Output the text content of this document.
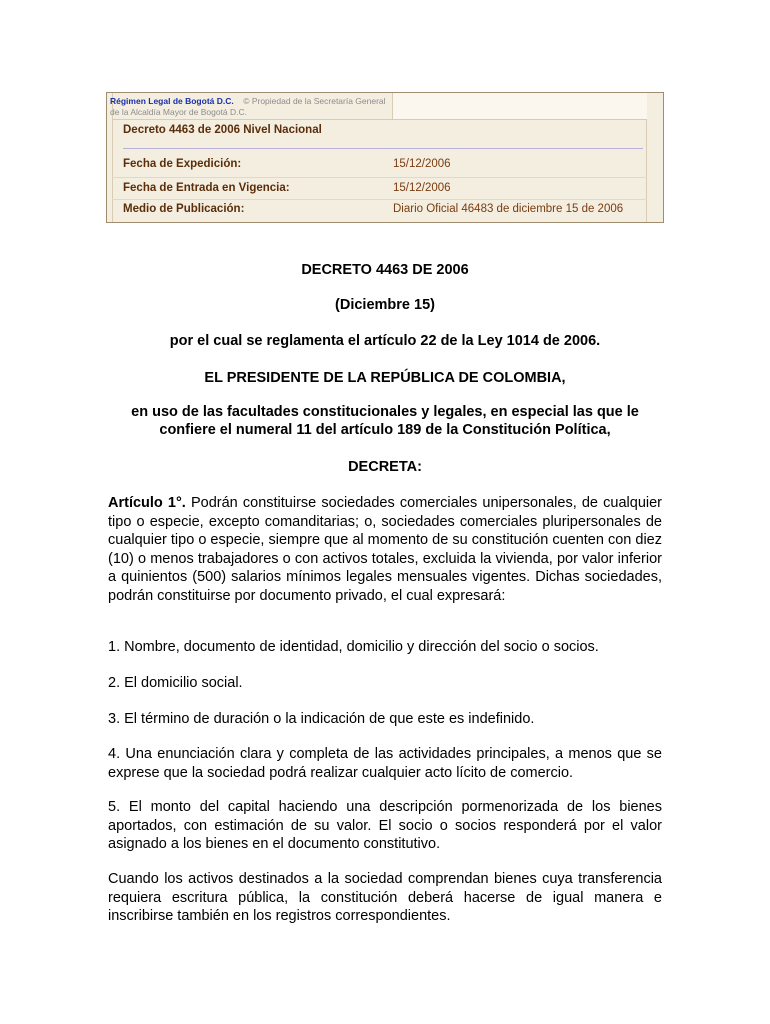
Régimen Legal de Bogotá D.C. © Propiedad de la Secretaría General de la Alcaldía Mayor de Bogotá D.C.
Decreto 4463 de 2006 Nivel Nacional
Fecha de Expedición:	15/12/2006
Fecha de Entrada en Vigencia:	15/12/2006
Medio de Publicación:	Diario Oficial 46483 de diciembre 15 de 2006
DECRETO 4463 DE 2006
(Diciembre 15)
por el cual se reglamenta el artículo 22 de la Ley 1014 de 2006.
EL PRESIDENTE DE LA REPÚBLICA DE COLOMBIA,
en uso de las facultades constitucionales y legales, en especial las que le
confiere el numeral 11 del artículo 189 de la Constitución Política,
DECRETA:
Artículo 1°. Podrán constituirse sociedades comerciales unipersonales, de cualquier tipo o especie, excepto comanditarias; o, sociedades comerciales pluripersonales de cualquier tipo o especie, siempre que al momento de su constitución cuenten con diez (10) o menos trabajadores o con activos totales, excluida la vivienda, por valor inferior a quinientos (500) salarios mínimos legales mensuales vigentes. Dichas sociedades, podrán constituirse por documento privado, el cual expresará:
1. Nombre, documento de identidad, domicilio y dirección del socio o socios.
2. El domicilio social.
3. El término de duración o la indicación de que este es indefinido.
4. Una enunciación clara y completa de las actividades principales, a menos que se exprese que la sociedad podrá realizar cualquier acto lícito de comercio.
5. El monto del capital haciendo una descripción pormenorizada de los bienes aportados, con estimación de su valor. El socio o socios responderá por el valor asignado a los bienes en el documento constitutivo.
Cuando los activos destinados a la sociedad comprendan bienes cuya transferencia requiera escritura pública, la constitución deberá hacerse de igual manera e inscribirse también en los registros correspondientes.
